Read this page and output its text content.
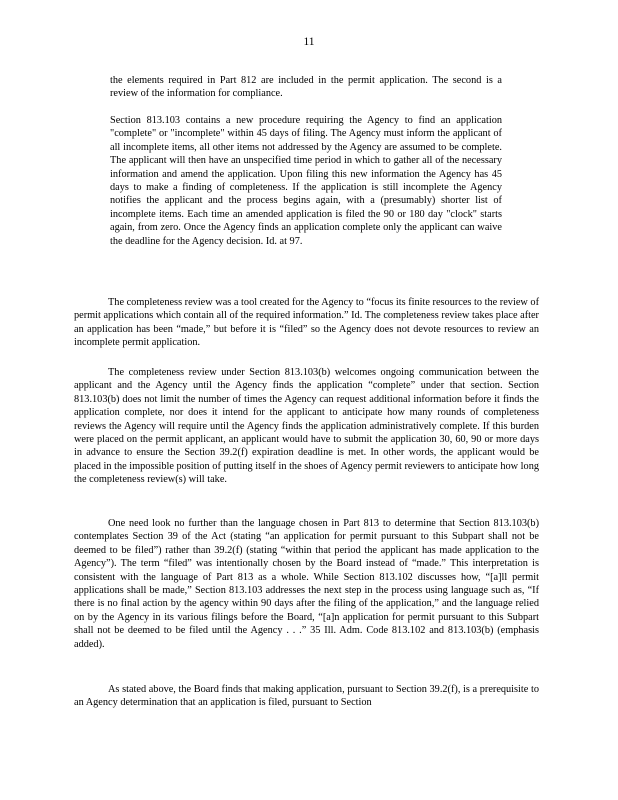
11

the elements required in Part 812 are included in the permit application. The second is a review of the information for compliance.

Section 813.103 contains a new procedure requiring the Agency to find an application "complete" or "incomplete" within 45 days of filing. The Agency must inform the applicant of all incomplete items, all other items not addressed by the Agency are assumed to be complete. The applicant will then have an unspecified time period in which to gather all of the necessary information and amend the application. Upon filing this new information the Agency has 45 days to make a finding of completeness. If the application is still incomplete the Agency notifies the applicant and the process begins again, with a (presumably) shorter list of incomplete items. Each time an amended application is filed the 90 or 180 day "clock" starts again, from zero. Once the Agency finds an application complete only the applicant can waive the deadline for the Agency decision. Id. at 97.

The completeness review was a tool created for the Agency to “focus its finite resources to the review of permit applications which contain all of the required information.” Id. The completeness review takes place after an application has been “made,” but before it is “filed” so the Agency does not devote resources to review an incomplete permit application.

The completeness review under Section 813.103(b) welcomes ongoing communication between the applicant and the Agency until the Agency finds the application “complete” under that section. Section 813.103(b) does not limit the number of times the Agency can request additional information before it finds the application complete, nor does it intend for the applicant to anticipate how many rounds of completeness reviews the Agency will require until the Agency finds the application administratively complete. If this burden were placed on the permit applicant, an applicant would have to submit the application 30, 60, 90 or more days in advance to ensure the Section 39.2(f) expiration deadline is met. In other words, the applicant would be placed in the impossible position of putting itself in the shoes of Agency permit reviewers to anticipate how long the completeness review(s) will take.

One need look no further than the language chosen in Part 813 to determine that Section 813.103(b) contemplates Section 39 of the Act (stating “an application for permit pursuant to this Subpart shall not be deemed to be filed”) rather than 39.2(f) (stating “within that period the applicant has made application to the Agency”). The term “filed” was intentionally chosen by the Board instead of “made.” This interpretation is consistent with the language of Part 813 as a whole. While Section 813.102 discusses how, “[a]ll permit applications shall be made,” Section 813.103 addresses the next step in the process using language such as, “If there is no final action by the agency within 90 days after the filing of the application,” and the language relied on by the Agency in its various filings before the Board, “[a]n application for permit pursuant to this Subpart shall not be deemed to be filed until the Agency . . .” 35 Ill. Adm. Code 813.102 and 813.103(b) (emphasis added).

As stated above, the Board finds that making application, pursuant to Section 39.2(f), is a prerequisite to an Agency determination that an application is filed, pursuant to Section
